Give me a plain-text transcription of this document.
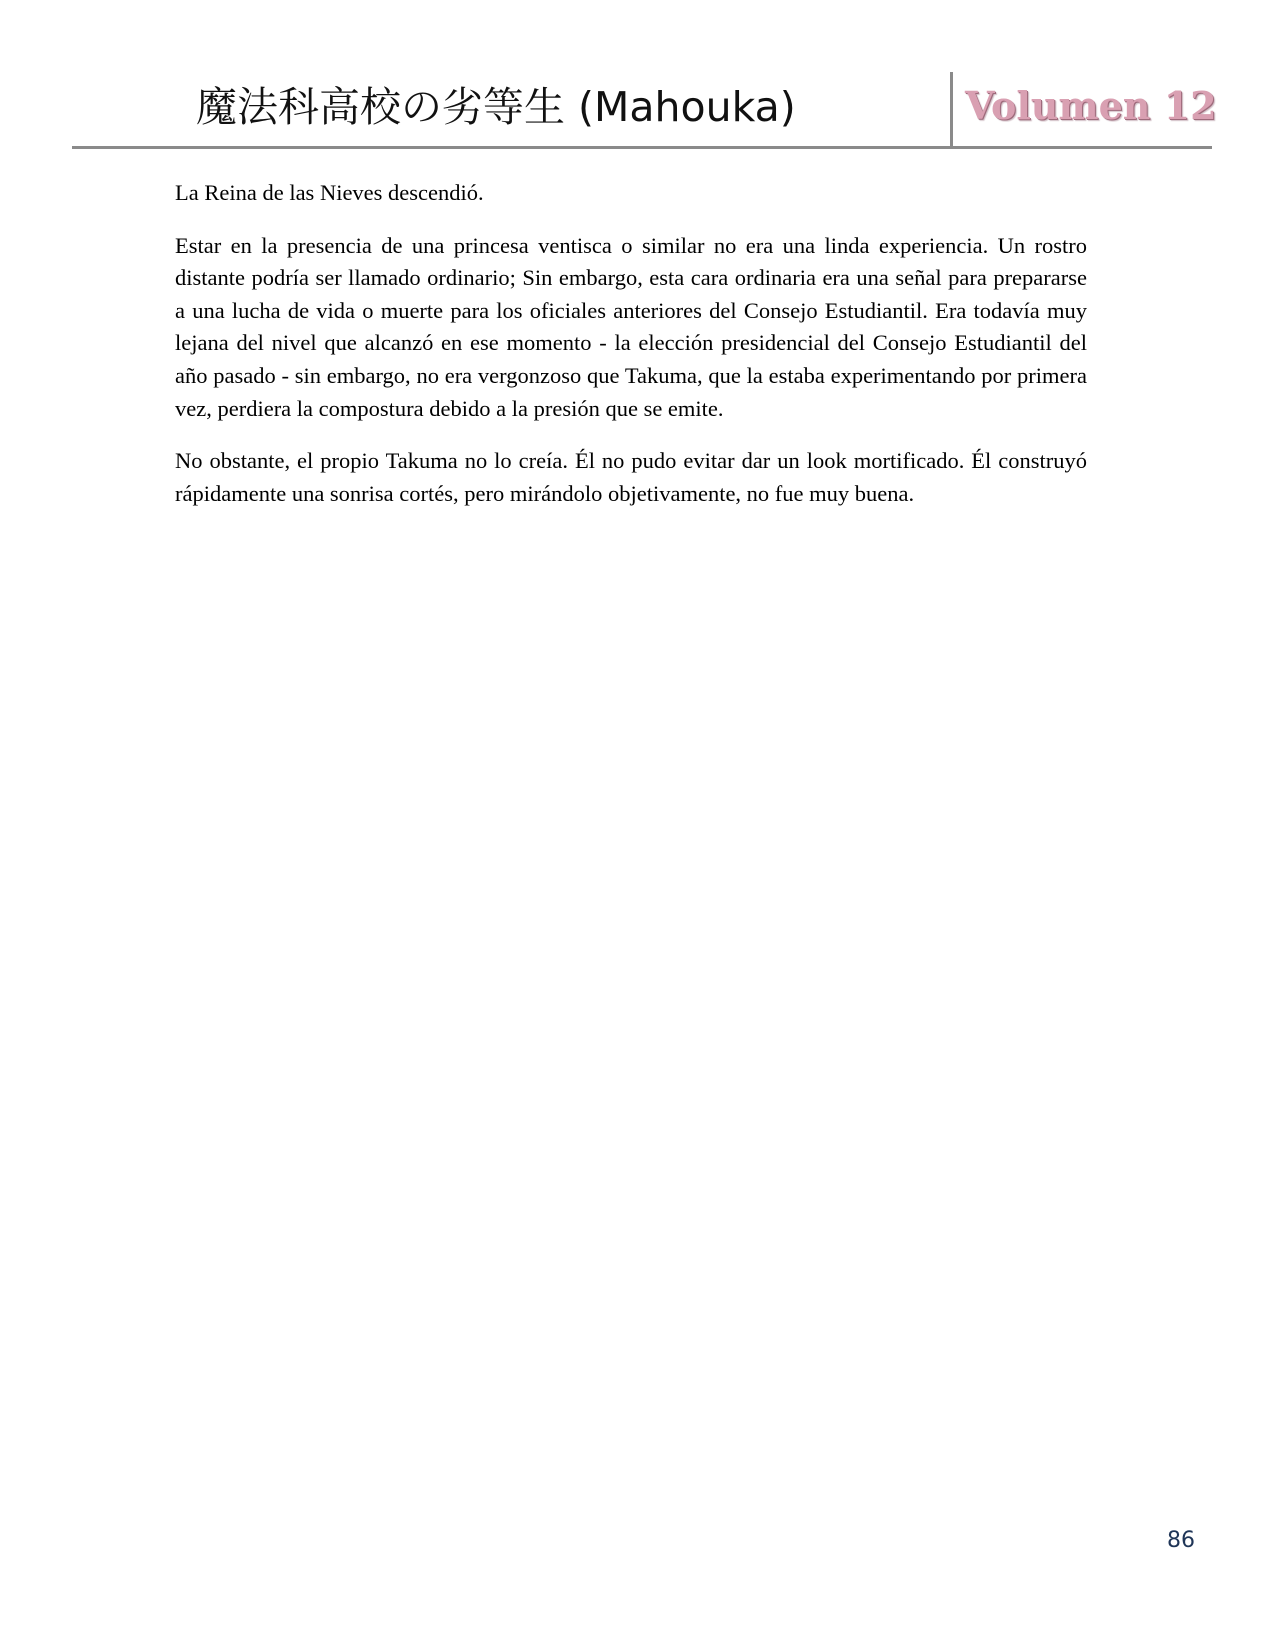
魔法科高校の劣等生 (Mahouka)	Volumen 12

La Reina de las Nieves descendió.

Estar en la presencia de una princesa ventisca o similar no era una linda experiencia. Un rostro distante podría ser llamado ordinario; Sin embargo, esta cara ordinaria era una señal para prepararse a una lucha de vida o muerte para los oficiales anteriores del Consejo Estudiantil. Era todavía muy lejana del nivel que alcanzó en ese momento - la elección presidencial del Consejo Estudiantil del año pasado - sin embargo, no era vergonzoso que Takuma, que la estaba experimentando por primera vez, perdiera la compostura debido a la presión que se emite.

No obstante, el propio Takuma no lo creía. Él no pudo evitar dar un look mortificado. Él construyó rápidamente una sonrisa cortés, pero mirándolo objetivamente, no fue muy buena.

86
